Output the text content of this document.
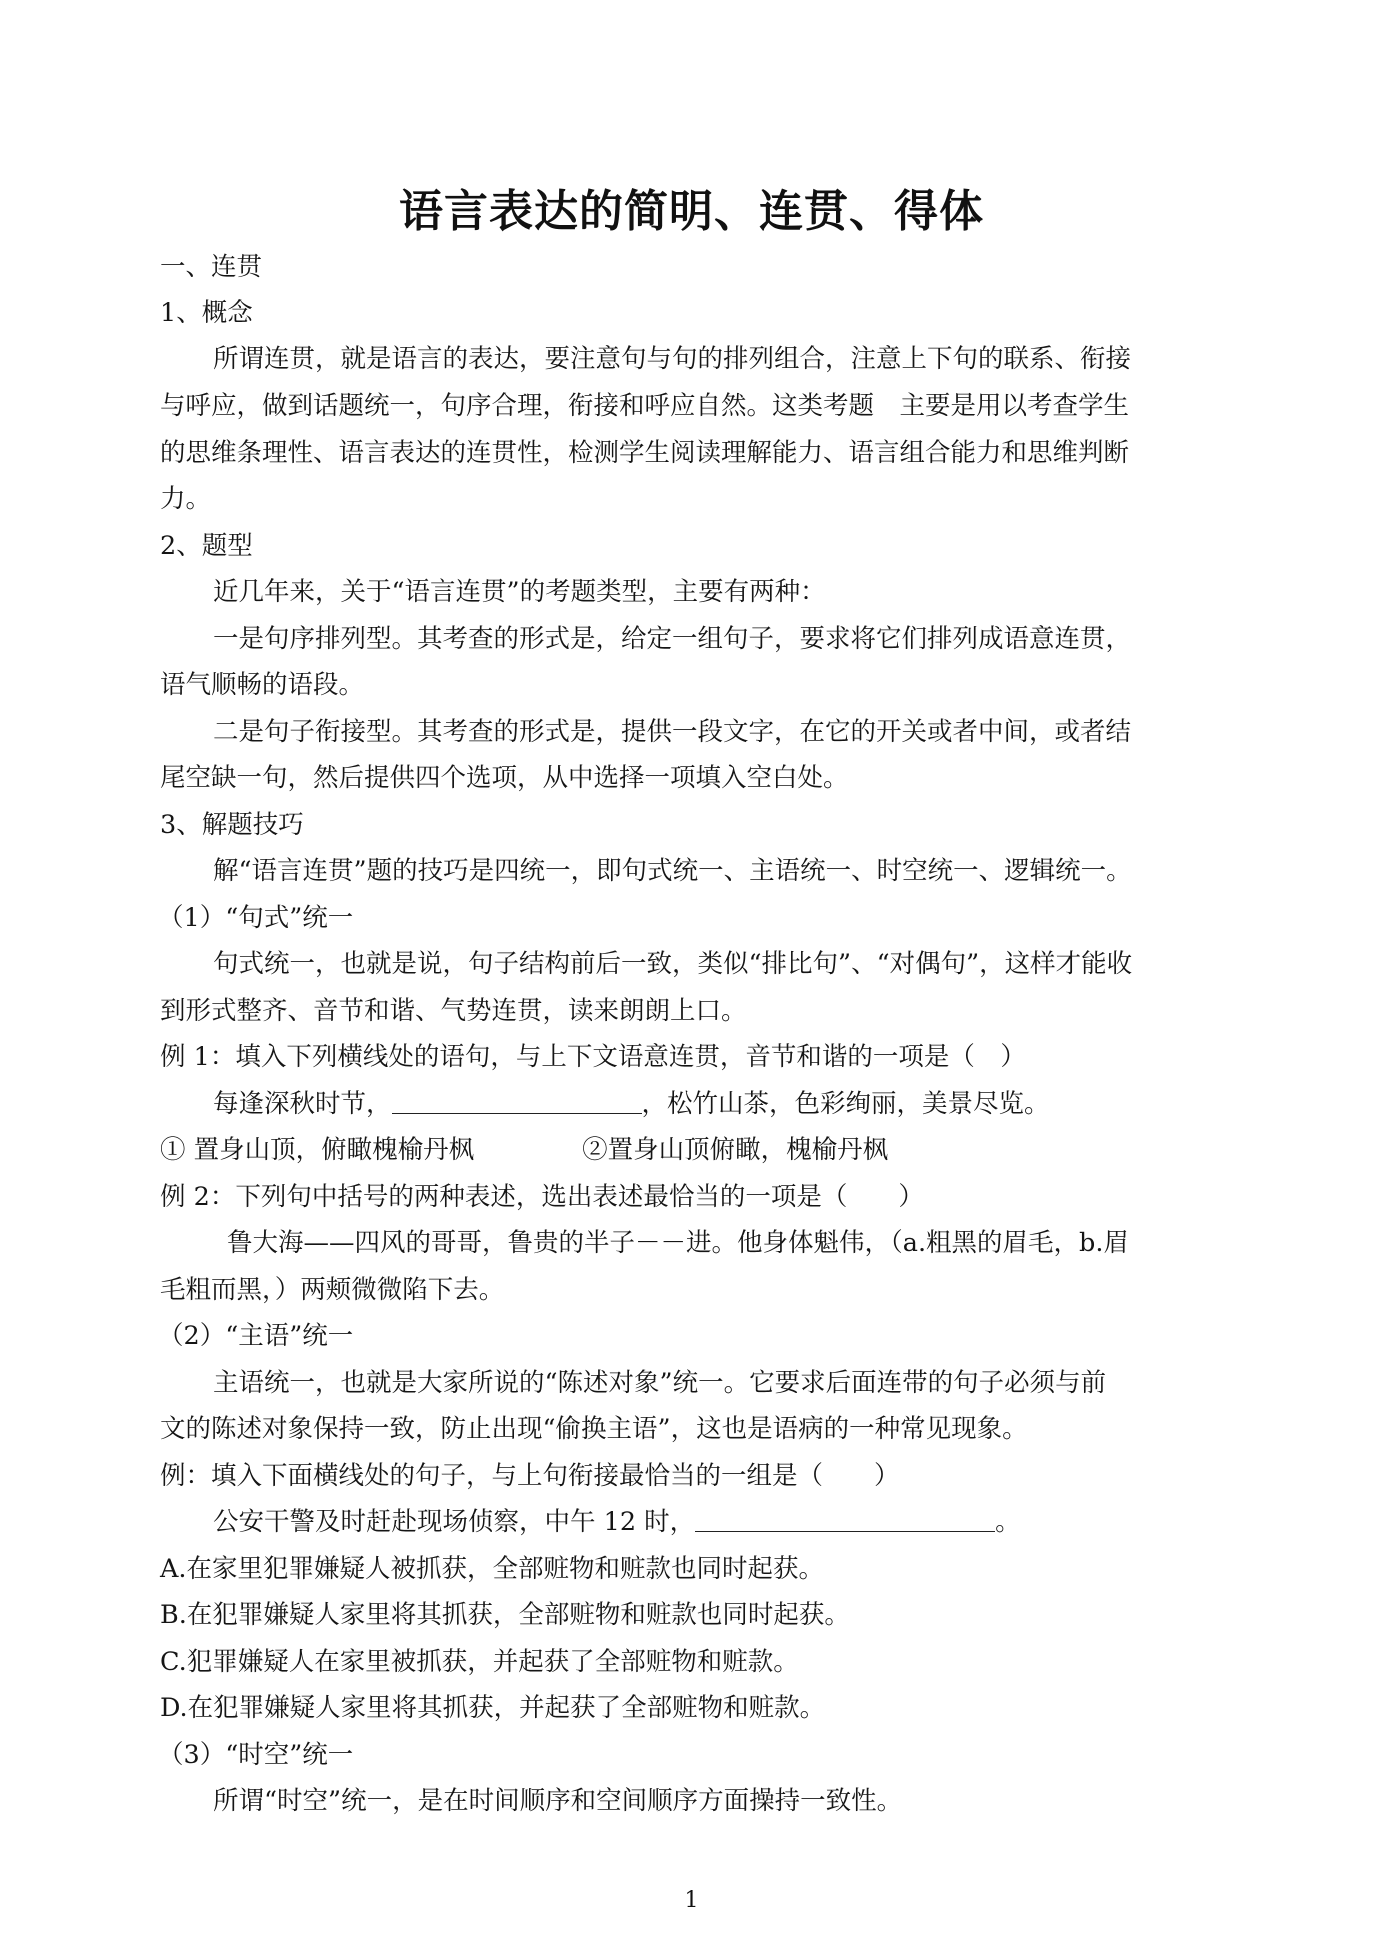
语言表达的简明、连贯、得体
一、连贯
1、概念
所谓连贯，就是语言的表达，要注意句与句的排列组合，注意上下句的联系、衔接
与呼应，做到话题统一，句序合理，衔接和呼应自然。这类考题　主要是用以考查学生
的思维条理性、语言表达的连贯性，检测学生阅读理解能力、语言组合能力和思维判断
力。
2、题型
近几年来，关于“语言连贯”的考题类型，主要有两种：
一是句序排列型。其考查的形式是，给定一组句子，要求将它们排列成语意连贯，
语气顺畅的语段。
二是句子衔接型。其考查的形式是，提供一段文字，在它的开关或者中间，或者结
尾空缺一句，然后提供四个选项，从中选择一项填入空白处。
3、解题技巧
解“语言连贯”题的技巧是四统一，即句式统一、主语统一、时空统一、逻辑统一。
（1）“句式”统一
句式统一，也就是说，句子结构前后一致，类似“排比句”、“对偶句”，这样才能收
到形式整齐、音节和谐、气势连贯，读来朗朗上口。
例 1：填入下列横线处的语句，与上下文语意连贯，音节和谐的一项是（　）
每逢深秋时节，	，松竹山茶，色彩绚丽，美景尽览。
① 置身山顶，俯瞰槐榆丹枫	②置身山顶俯瞰，槐榆丹枫
例 2：下列句中括号的两种表述，选出表述最恰当的一项是（　　）
鲁大海——四风的哥哥，鲁贵的半子－－进。他身体魁伟，（a.粗黑的眉毛，b.眉
毛粗而黑，）两颊微微陷下去。
（2）“主语”统一
主语统一，也就是大家所说的“陈述对象”统一。它要求后面连带的句子必须与前
文的陈述对象保持一致，防止出现“偷换主语”，这也是语病的一种常见现象。
例：填入下面横线处的句子，与上句衔接最恰当的一组是（　　）
公安干警及时赶赴现场侦察，中午 12 时，	。
A.在家里犯罪嫌疑人被抓获，全部赃物和赃款也同时起获。
B.在犯罪嫌疑人家里将其抓获，全部赃物和赃款也同时起获。
C.犯罪嫌疑人在家里被抓获，并起获了全部赃物和赃款。
D.在犯罪嫌疑人家里将其抓获，并起获了全部赃物和赃款。
（3）“时空”统一
所谓“时空”统一，是在时间顺序和空间顺序方面操持一致性。
1
